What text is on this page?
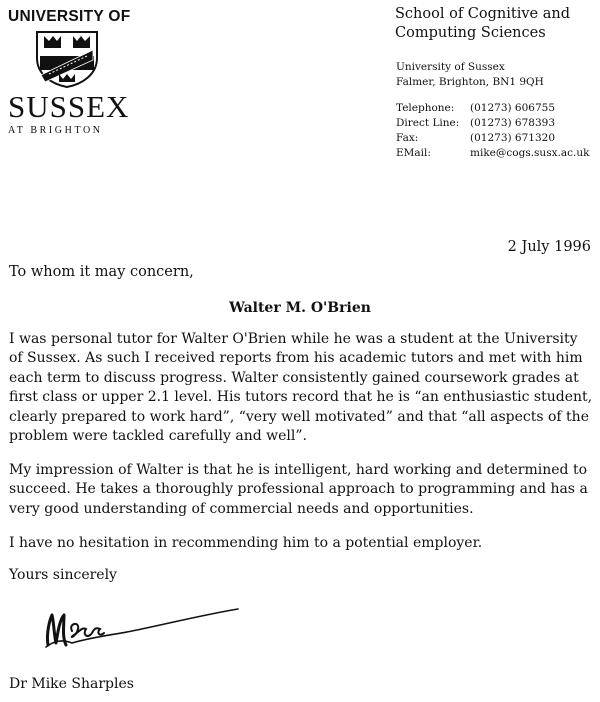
UNIVERSITY OF
SUSSEX
AT BRIGHTON
School of Cognitive and
Computing Sciences
University of Sussex
Falmer, Brighton, BN1 9QH
Telephone:	(01273) 606755
Direct Line:	(01273) 678393
Fax:	(01273) 671320
EMail:	mike@cogs.susx.ac.uk
2 July 1996
To whom it may concern,
Walter M. O'Brien

I was personal tutor for Walter O'Brien while he was a student at the University of Sussex. As such I received reports from his academic tutors and met with him each term to discuss progress. Walter consistently gained coursework grades at first class or upper 2.1 level. His tutors record that he is “an enthusiastic student, clearly prepared to work hard”, “very well motivated” and that “all aspects of the problem were tackled carefully and well”.

My impression of Walter is that he is intelligent, hard working and determined to succeed. He takes a thoroughly professional approach to programming and has a very good understanding of commercial needs and opportunities.

I have no hesitation in recommending him to a potential employer.

Yours sincerely
Dr Mike Sharples
